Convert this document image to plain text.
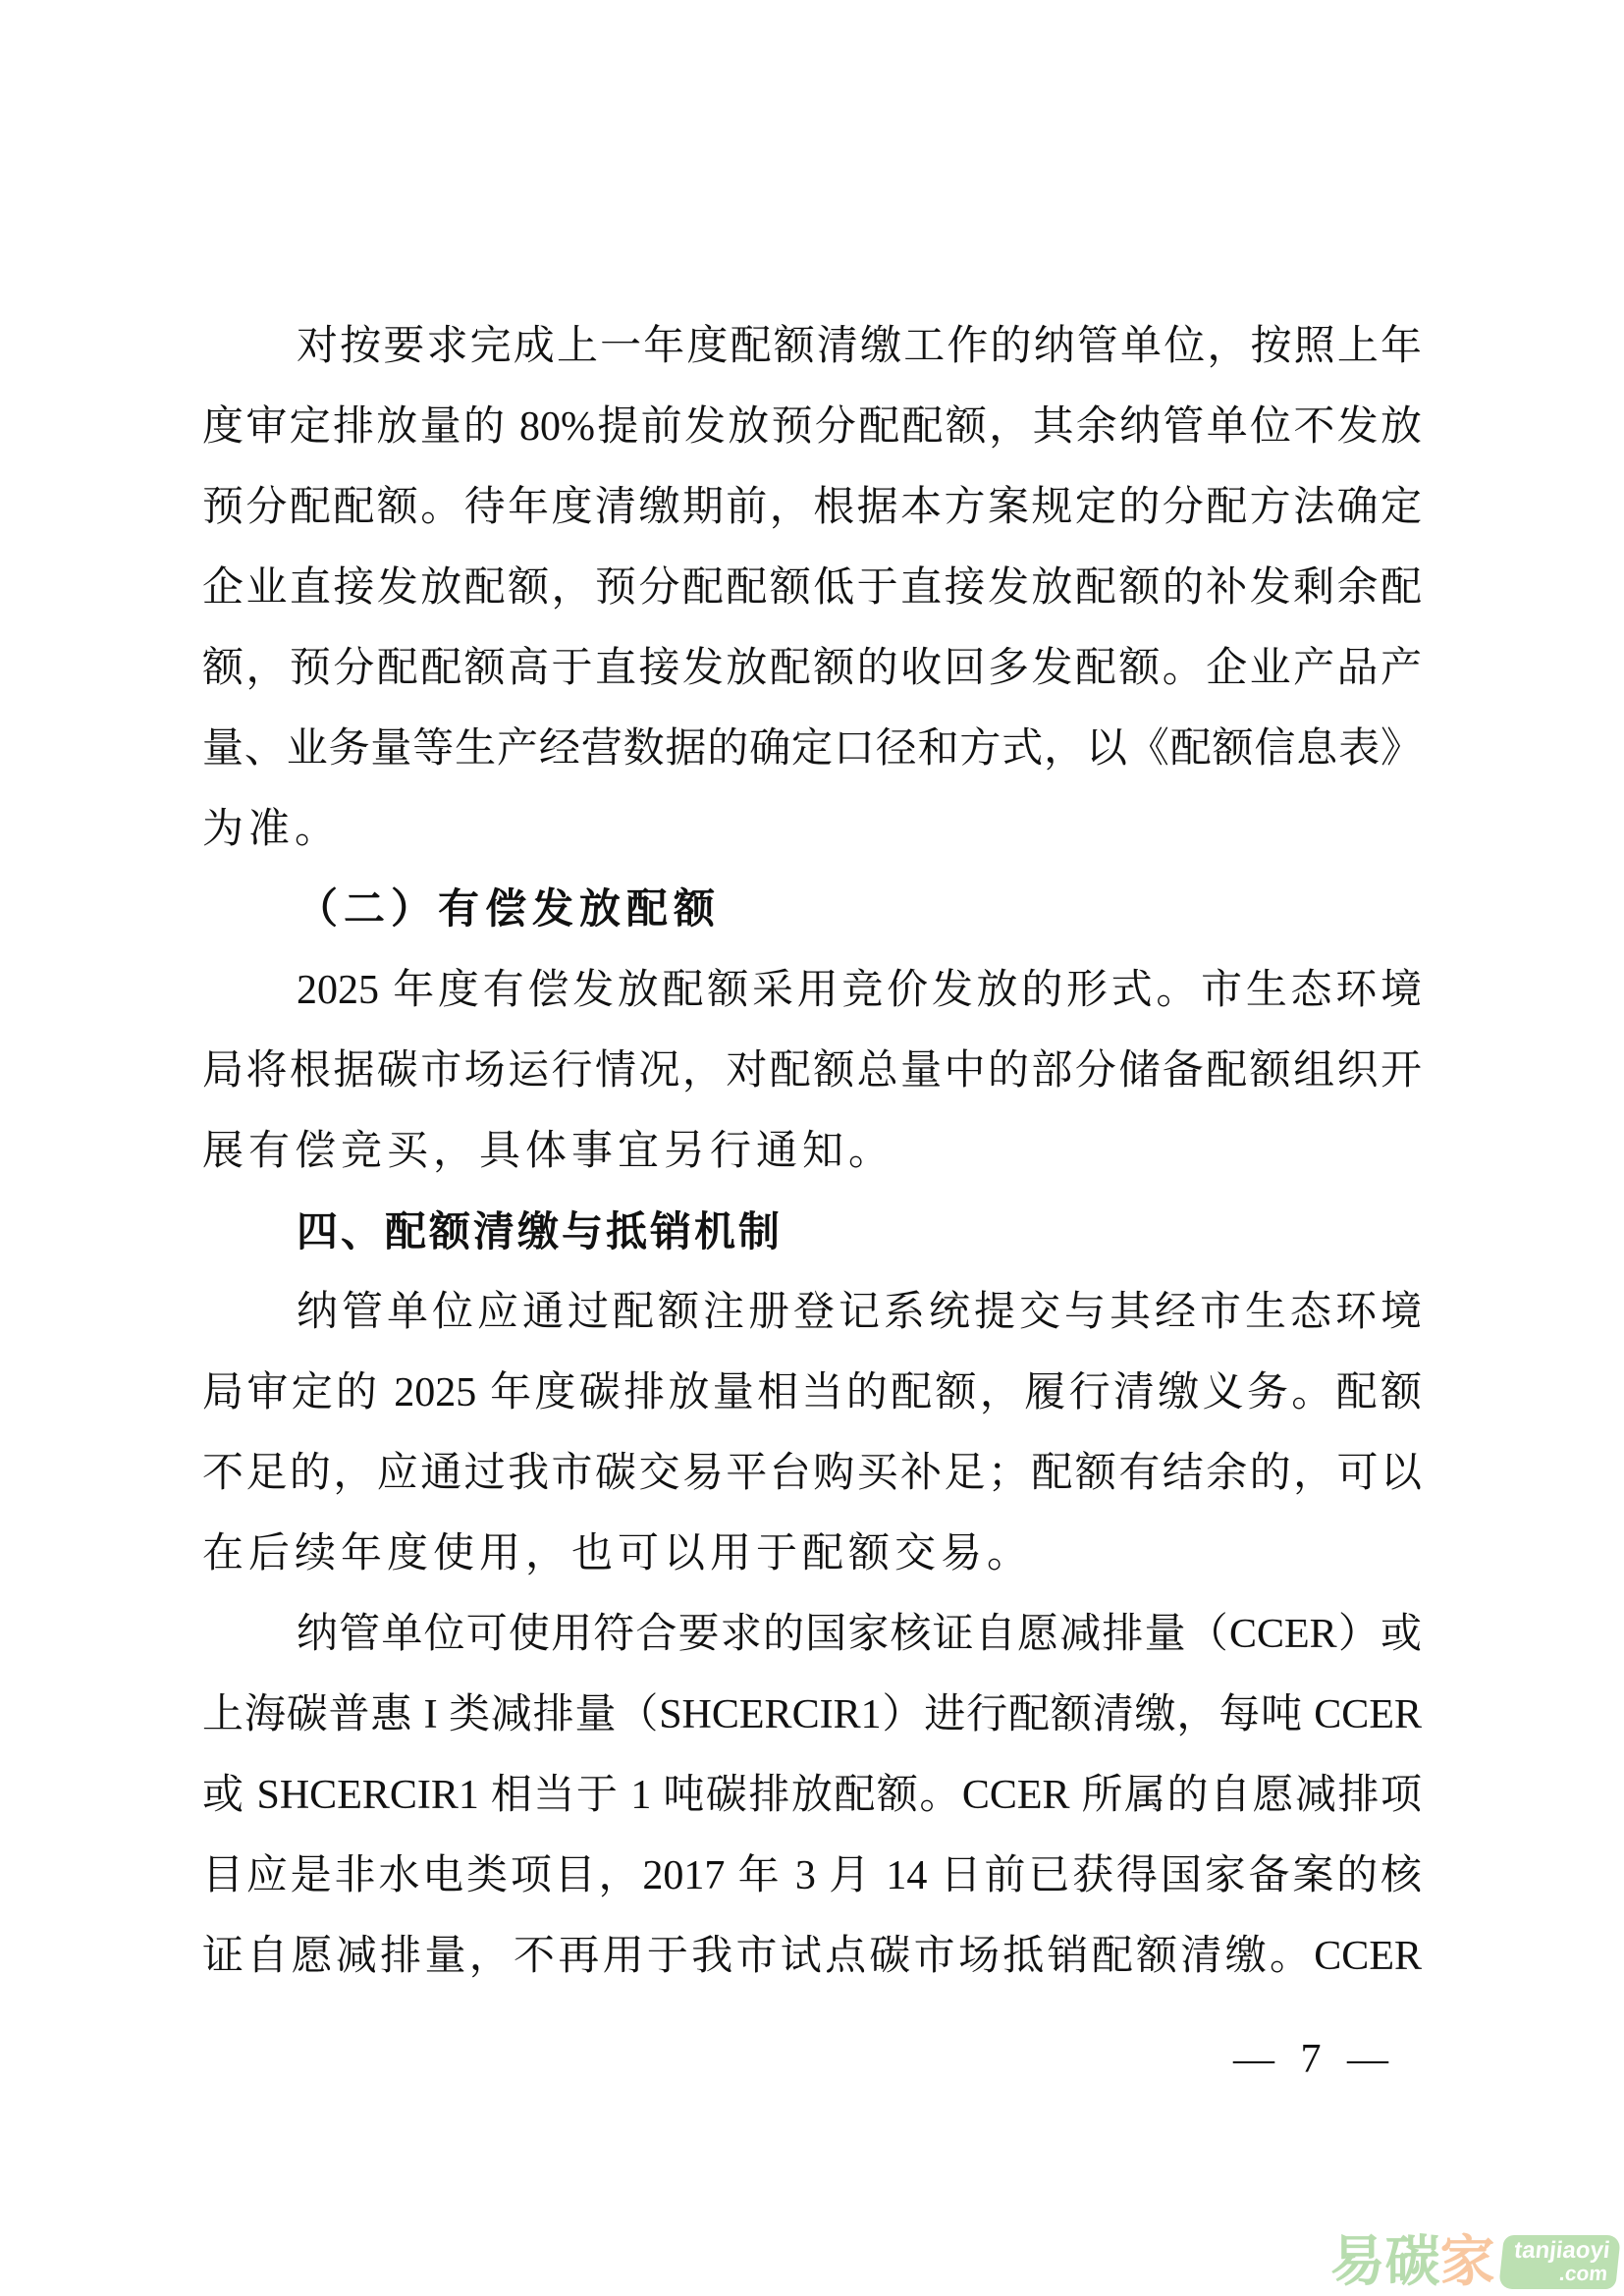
对按要求完成上一年度配额清缴工作的纳管单位，按照上年
度审定排放量的 80%提前发放预分配配额，其余纳管单位不发放
预分配配额。待年度清缴期前，根据本方案规定的分配方法确定
企业直接发放配额，预分配配额低于直接发放配额的补发剩余配
额，预分配配额高于直接发放配额的收回多发配额。企业产品产
量、业务量等生产经营数据的确定口径和方式，以《配额信息表》
为准。
（二）有偿发放配额
2025 年度有偿发放配额采用竞价发放的形式。市生态环境
局将根据碳市场运行情况，对配额总量中的部分储备配额组织开
展有偿竞买，具体事宜另行通知。
四、配额清缴与抵销机制
纳管单位应通过配额注册登记系统提交与其经市生态环境
局审定的 2025 年度碳排放量相当的配额，履行清缴义务。配额
不足的，应通过我市碳交易平台购买补足；配额有结余的，可以
在后续年度使用，也可以用于配额交易。
纳管单位可使用符合要求的国家核证自愿减排量（CCER）或
上海碳普惠 I 类减排量（SHCERCIR1）进行配额清缴，每吨 CCER
或 SHCERCIR1 相当于 1 吨碳排放配额。CCER 所属的自愿减排项
目应是非水电类项目，2017 年 3 月 14 日前已获得国家备案的核
证自愿减排量，不再用于我市试点碳市场抵销配额清缴。CCER
— 7 —
易碳 家 tanjiaoyi
.com
